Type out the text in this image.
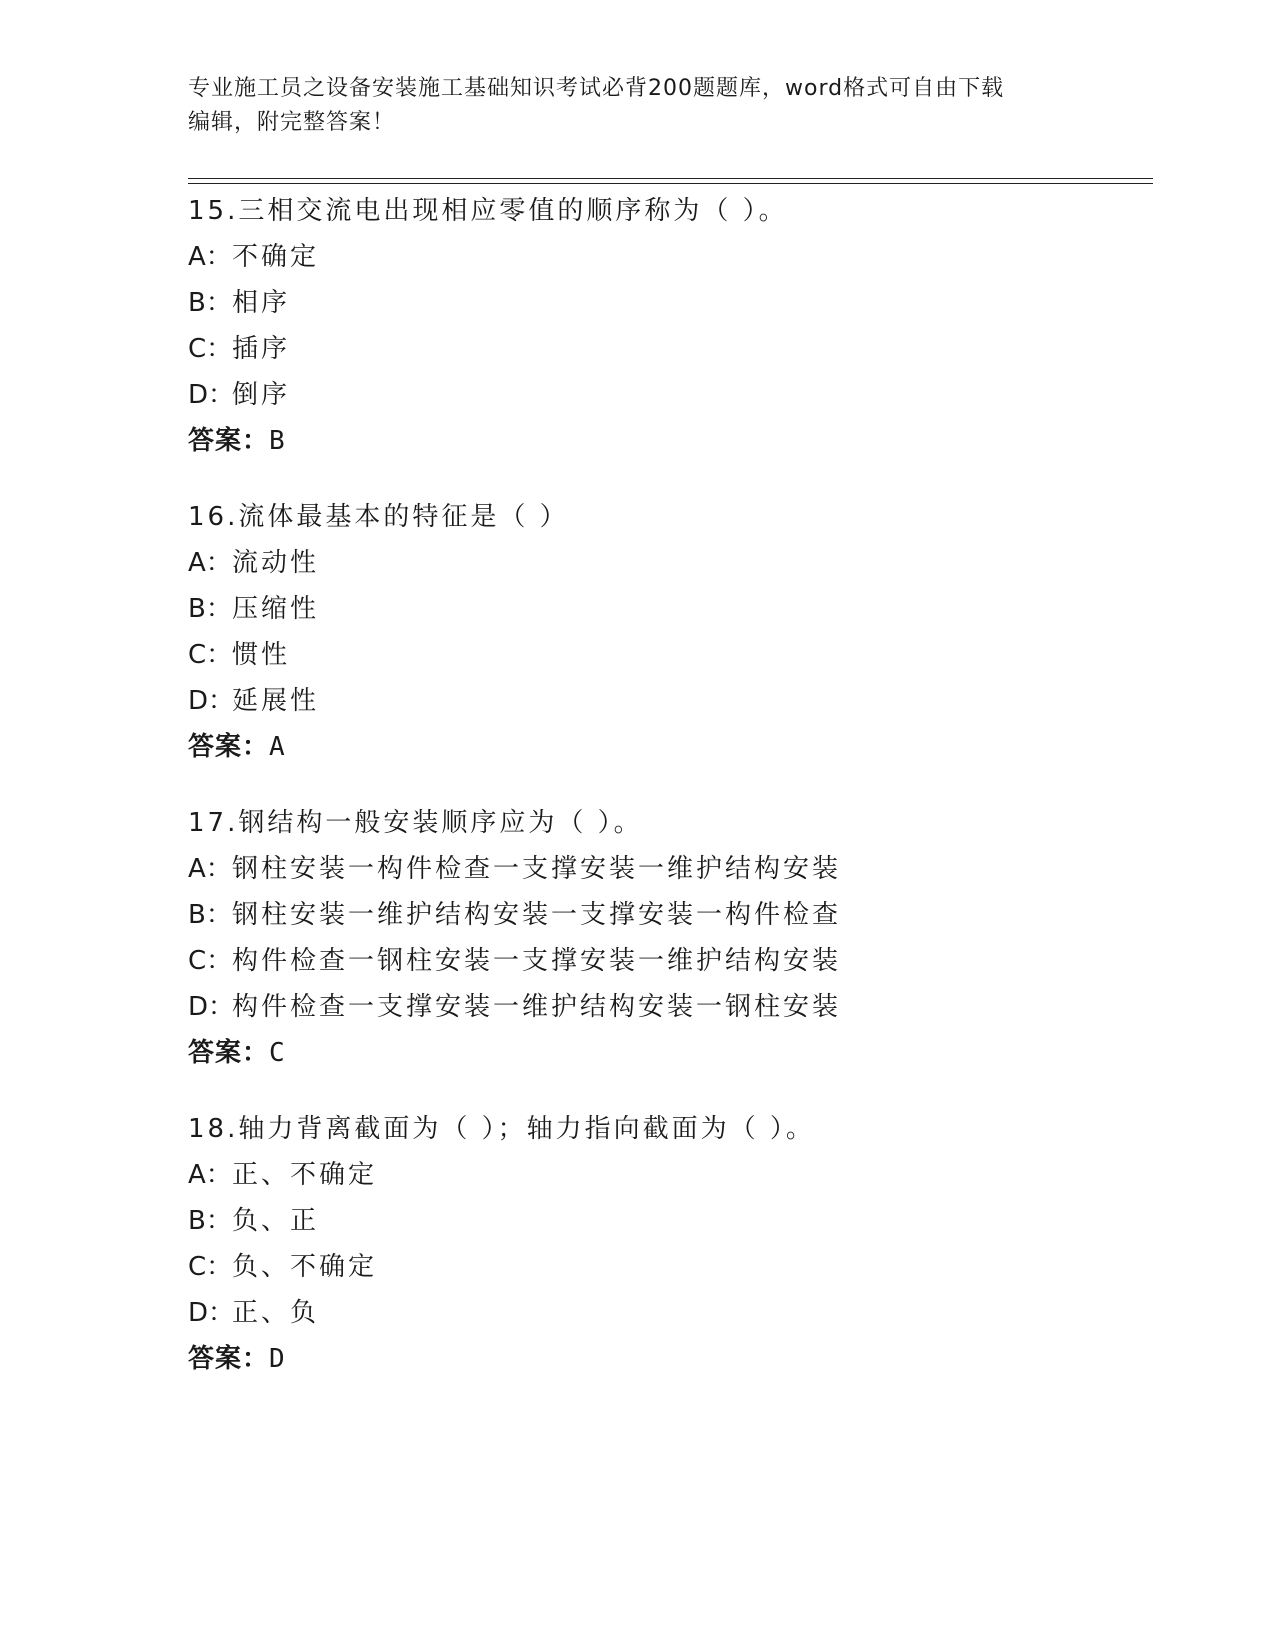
专业施工员之设备安装施工基础知识考试必背200题题库，word格式可自由下载
编辑，附完整答案！
15.三相交流电出现相应零值的顺序称为（ ）。
A：不确定
B：相序
C：插序
D：倒序
答案：B
16.流体最基本的特征是（ ）
A：流动性
B：压缩性
C：惯性
D：延展性
答案：A
17.钢结构一般安装顺序应为（ ）。
A：钢柱安装一构件检查一支撑安装一维护结构安装
B：钢柱安装一维护结构安装一支撑安装一构件检查
C：构件检查一钢柱安装一支撑安装一维护结构安装
D：构件检查一支撑安装一维护结构安装一钢柱安装
答案：C
18.轴力背离截面为（ ）；轴力指向截面为（ ）。
A：正、不确定
B：负、正
C：负、不确定
D：正、负
答案：D
